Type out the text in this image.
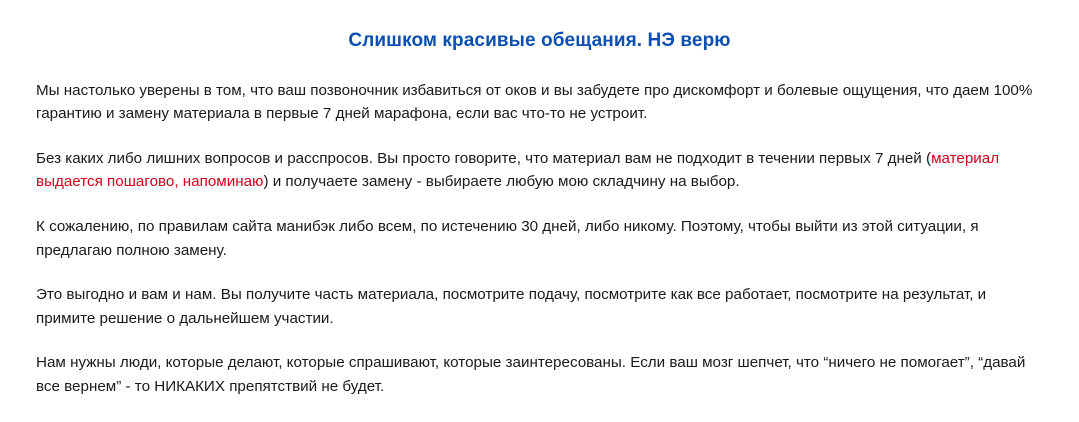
Слишком красивые обещания. НЭ верю

Мы настолько уверены в том, что ваш позвоночник избавиться от оков и вы забудете про дискомфорт и болевые ощущения, что даем 100% гарантию и замену материала в первые 7 дней марафона, если вас что-то не устроит.

Без каких либо лишних вопросов и расспросов. Вы просто говорите, что материал вам не подходит в течении первых 7 дней (материал выдается пошагово, напоминаю) и получаете замену - выбираете любую мою складчину на выбор.

К сожалению, по правилам сайта манибэк либо всем, по истечению 30 дней, либо никому. Поэтому, чтобы выйти из этой ситуации, я предлагаю полною замену.

Это выгодно и вам и нам. Вы получите часть материала, посмотрите подачу, посмотрите как все работает, посмотрите на результат, и примите решение о дальнейшем участии.

Нам нужны люди, которые делают, которые спрашивают, которые заинтересованы. Если ваш мозг шепчет, что “ничего не помогает”, “давай все вернем” - то НИКАКИХ препятствий не будет.
